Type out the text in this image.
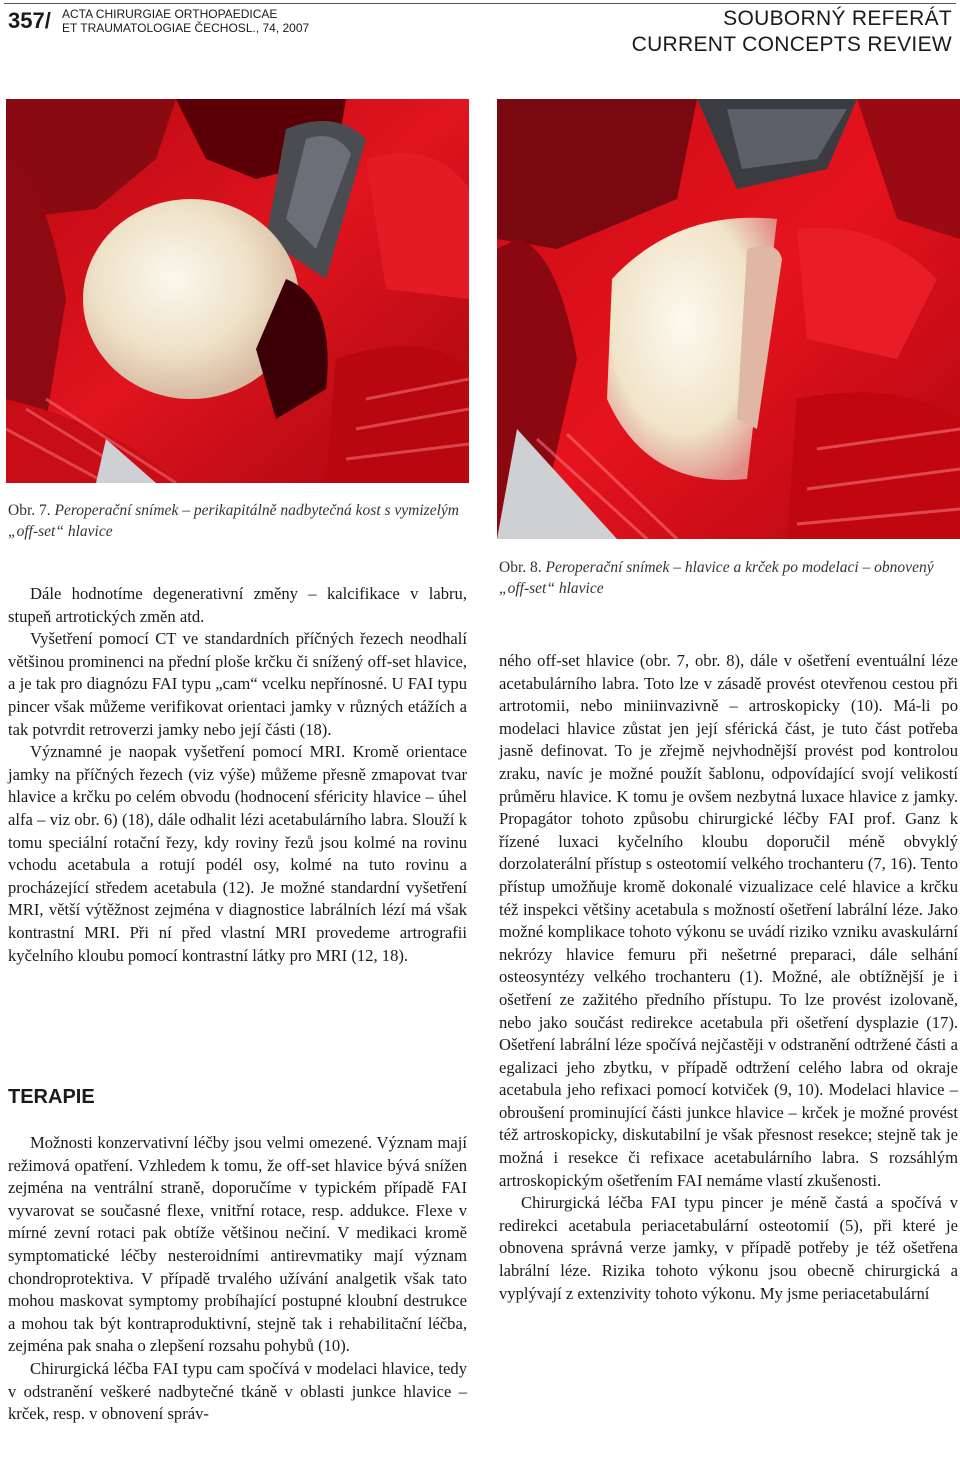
357/ ACTA CHIRURGIAE ORTHOPAEDICAE
ET TRAUMATOLOGIAE ČECHOSL., 74, 2007	SOUBORNÝ REFERÁT
CURRENT CONCEPTS REVIEW
Obr. 7. Peroperační snímek – perikapitálně nadbytečná kost s vymizelým „off-set“ hlavice
Obr. 8. Peroperační snímek – hlavice a krček po modelaci – obnovený „off-set“ hlavice

Dále hodnotíme degenerativní změny – kalcifikace v labru, stupeň artrotických změn atd.

Vyšetření pomocí CT ve standardních příčných řezech neodhalí většinou prominenci na přední ploše krčku či snížený off-set hlavice, a je tak pro diagnózu FAI typu „cam“ vcelku nepřínosné. U FAI typu pincer však můžeme verifikovat orientaci jamky v různých etážích a tak potvrdit retroverzi jamky nebo její části (18).

Významné je naopak vyšetření pomocí MRI. Kromě orientace jamky na příčných řezech (viz výše) můžeme přesně zmapovat tvar hlavice a krčku po celém obvodu (hodnocení sféricity hlavice – úhel alfa – viz obr. 6) (18), dále odhalit lézi acetabulárního labra. Slouží k tomu speciální rotační řezy, kdy roviny řezů jsou kolmé na rovinu vchodu acetabula a rotují podél osy, kolmé na tuto rovinu a procházející středem acetabula (12). Je možné standardní vyšetření MRI, větší výtěžnost zejména v diagnostice labrálních lézí má však kontrastní MRI. Při ní před vlastní MRI provedeme artrografii kyčelního kloubu pomocí kontrastní látky pro MRI (12, 18).

TERAPIE

Možnosti konzervativní léčby jsou velmi omezené. Význam mají režimová opatření. Vzhledem k tomu, že off-set hlavice bývá snížen zejména na ventrální straně, doporučíme v typickém případě FAI vyvarovat se současné flexe, vnitřní rotace, resp. addukce. Flexe v mírné zevní rotaci pak obtíže většinou nečiní. V medikaci kromě symptomatické léčby nesteroidními antirevmatiky mají význam chondroprotektiva. V případě trvalého užívání analgetik však tato mohou maskovat symptomy probíhající postupné kloubní destrukce a mohou tak být kontraproduktivní, stejně tak i rehabilitační léčba, zejména pak snaha o zlepšení rozsahu pohybů (10).

Chirurgická léčba FAI typu cam spočívá v modelaci hlavice, tedy v odstranění veškeré nadbytečné tkáně v oblasti junkce hlavice – krček, resp. v obnovení správ-

ného off-set hlavice (obr. 7, obr. 8), dále v ošetření eventuální léze acetabulárního labra. Toto lze v zásadě provést otevřenou cestou při artrotomii, nebo miniinvazivně – artroskopicky (10). Má-li po modelaci hlavice zůstat jen její sférická část, je tuto část potřeba jasně definovat. To je zřejmě nejvhodnější provést pod kontrolou zraku, navíc je možné použít šablonu, odpovídající svojí velikostí průměru hlavice. K tomu je ovšem nezbytná luxace hlavice z jamky. Propagátor tohoto způsobu chirurgické léčby FAI prof. Ganz k řízené luxaci kyčelního kloubu doporučil méně obvyklý dorzolaterální přístup s osteotomií velkého trochanteru (7, 16). Tento přístup umožňuje kromě dokonalé vizualizace celé hlavice a krčku též inspekci většiny acetabula s možností ošetření labrální léze. Jako možné komplikace tohoto výkonu se uvádí riziko vzniku avaskulární nekrózy hlavice femuru při nešetrné preparaci, dále selhání osteosyntézy velkého trochanteru (1). Možné, ale obtížnější je i ošetření ze zažitého předního přístupu. To lze provést izolovaně, nebo jako součást redirekce acetabula při ošetření dysplazie (17). Ošetření labrální léze spočívá nejčastěji v odstranění odtržené části a egalizaci jeho zbytku, v případě odtržení celého labra od okraje acetabula jeho refixaci pomocí kotviček (9, 10). Modelaci hlavice – obroušení prominující části junkce hlavice – krček je možné provést též artroskopicky, diskutabilní je však přesnost resekce; stejně tak je možná i resekce či refixace acetabulárního labra. S rozsáhlým artroskopickým ošetřením FAI nemáme vlastí zkušenosti.

Chirurgická léčba FAI typu pincer je méně častá a spočívá v redirekci acetabula periacetabulární osteotomií (5), při které je obnovena správná verze jamky, v případě potřeby je též ošetřena labrální léze. Rizika tohoto výkonu jsou obecně chirurgická a vyplývají z extenzivity tohoto výkonu. My jsme periacetabulární
